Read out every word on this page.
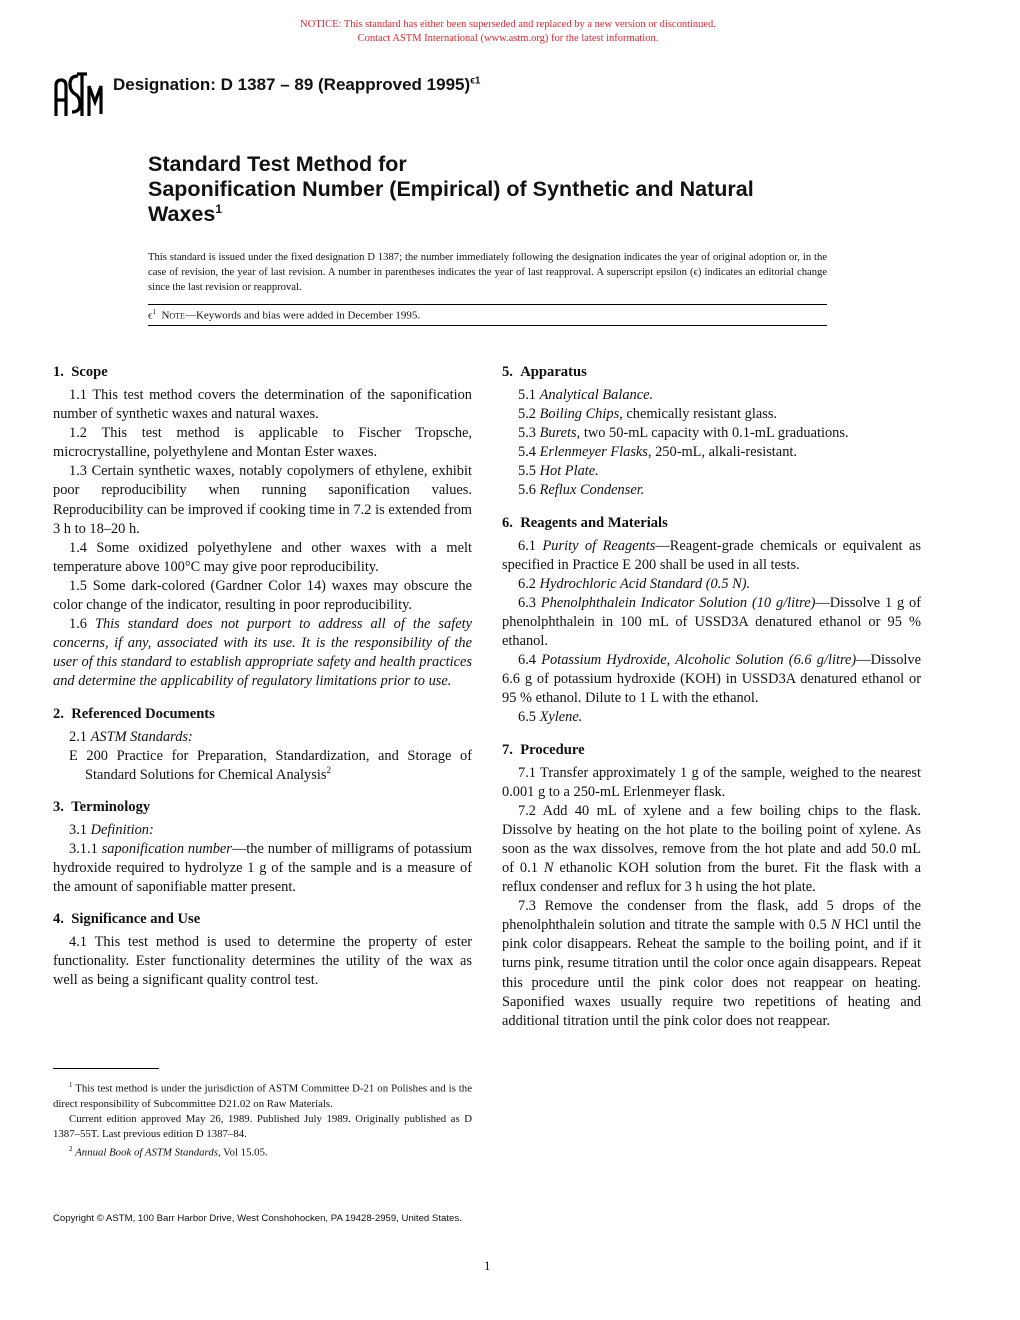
NOTICE: This standard has either been superseded and replaced by a new version or discontinued.
Contact ASTM International (www.astm.org) for the latest information.
Designation: D 1387 – 89 (Reapproved 1995)$^{\epsilon 1}$
Standard Test Method for
Saponification Number (Empirical) of Synthetic and Natural
Waxes$^1$
This standard is issued under the fixed designation D 1387; the number immediately following the designation indicates the year of original adoption or, in the case of revision, the year of last revision. A number in parentheses indicates the year of last reapproval. A superscript epsilon (ϵ) indicates an editorial change since the last revision or reapproval.
$\epsilon^1$ Note—Keywords and bias were added in December 1995.
1. Scope

1.1 This test method covers the determination of the saponification number of synthetic waxes and natural waxes.

1.2 This test method is applicable to Fischer Tropsche, microcrystalline, polyethylene and Montan Ester waxes.

1.3 Certain synthetic waxes, notably copolymers of ethylene, exhibit poor reproducibility when running saponification values. Reproducibility can be improved if cooking time in 7.2 is extended from 3 h to 18–20 h.

1.4 Some oxidized polyethylene and other waxes with a melt temperature above 100°C may give poor reproducibility.

1.5 Some dark-colored (Gardner Color 14) waxes may obscure the color change of the indicator, resulting in poor reproducibility.

1.6 This standard does not purport to address all of the safety concerns, if any, associated with its use. It is the responsibility of the user of this standard to establish appropriate safety and health practices and determine the applicability of regulatory limitations prior to use.

2. Referenced Documents

2.1 ASTM Standards:

E 200 Practice for Preparation, Standardization, and Storage of Standard Solutions for Chemical Analysis$^2$

3. Terminology

3.1 Definition:

3.1.1 saponification number—the number of milligrams of potassium hydroxide required to hydrolyze 1 g of the sample and is a measure of the amount of saponifiable matter present.

4. Significance and Use

4.1 This test method is used to determine the property of ester functionality. Ester functionality determines the utility of the wax as well as being a significant quality control test.

5. Apparatus

5.1 Analytical Balance.

5.2 Boiling Chips, chemically resistant glass.

5.3 Burets, two 50-mL capacity with 0.1-mL graduations.

5.4 Erlenmeyer Flasks, 250-mL, alkali-resistant.

5.5 Hot Plate.

5.6 Reflux Condenser.

6. Reagents and Materials

6.1 Purity of Reagents—Reagent-grade chemicals or equivalent as specified in Practice E 200 shall be used in all tests.

6.2 Hydrochloric Acid Standard (0.5 N).

6.3 Phenolphthalein Indicator Solution (10 g/litre)—Dissolve 1 g of phenolphthalein in 100 mL of USSD3A denatured ethanol or 95 % ethanol.

6.4 Potassium Hydroxide, Alcoholic Solution (6.6 g/litre)—Dissolve 6.6 g of potassium hydroxide (KOH) in USSD3A denatured ethanol or 95 % ethanol. Dilute to 1 L with the ethanol.

6.5 Xylene.

7. Procedure

7.1 Transfer approximately 1 g of the sample, weighed to the nearest 0.001 g to a 250-mL Erlenmeyer flask.

7.2 Add 40 mL of xylene and a few boiling chips to the flask. Dissolve by heating on the hot plate to the boiling point of xylene. As soon as the wax dissolves, remove from the hot plate and add 50.0 mL of 0.1 N ethanolic KOH solution from the buret. Fit the flask with a reflux condenser and reflux for 3 h using the hot plate.

7.3 Remove the condenser from the flask, add 5 drops of the phenolphthalein solution and titrate the sample with 0.5 N HCl until the pink color disappears. Reheat the sample to the boiling point, and if it turns pink, resume titration until the color once again disappears. Repeat this procedure until the pink color does not reappear on heating. Saponified waxes usually require two repetitions of heating and additional titration until the pink color does not reappear.

$^1$ This test method is under the jurisdiction of ASTM Committee D-21 on Polishes and is the direct responsibility of Subcommittee D21.02 on Raw Materials.

Current edition approved May 26, 1989. Published July 1989. Originally published as D 1387–55T. Last previous edition D 1387–84.

$^2$ Annual Book of ASTM Standards, Vol 15.05.

Copyright © ASTM, 100 Barr Harbor Drive, West Conshohocken, PA 19428-2959, United States.
1
